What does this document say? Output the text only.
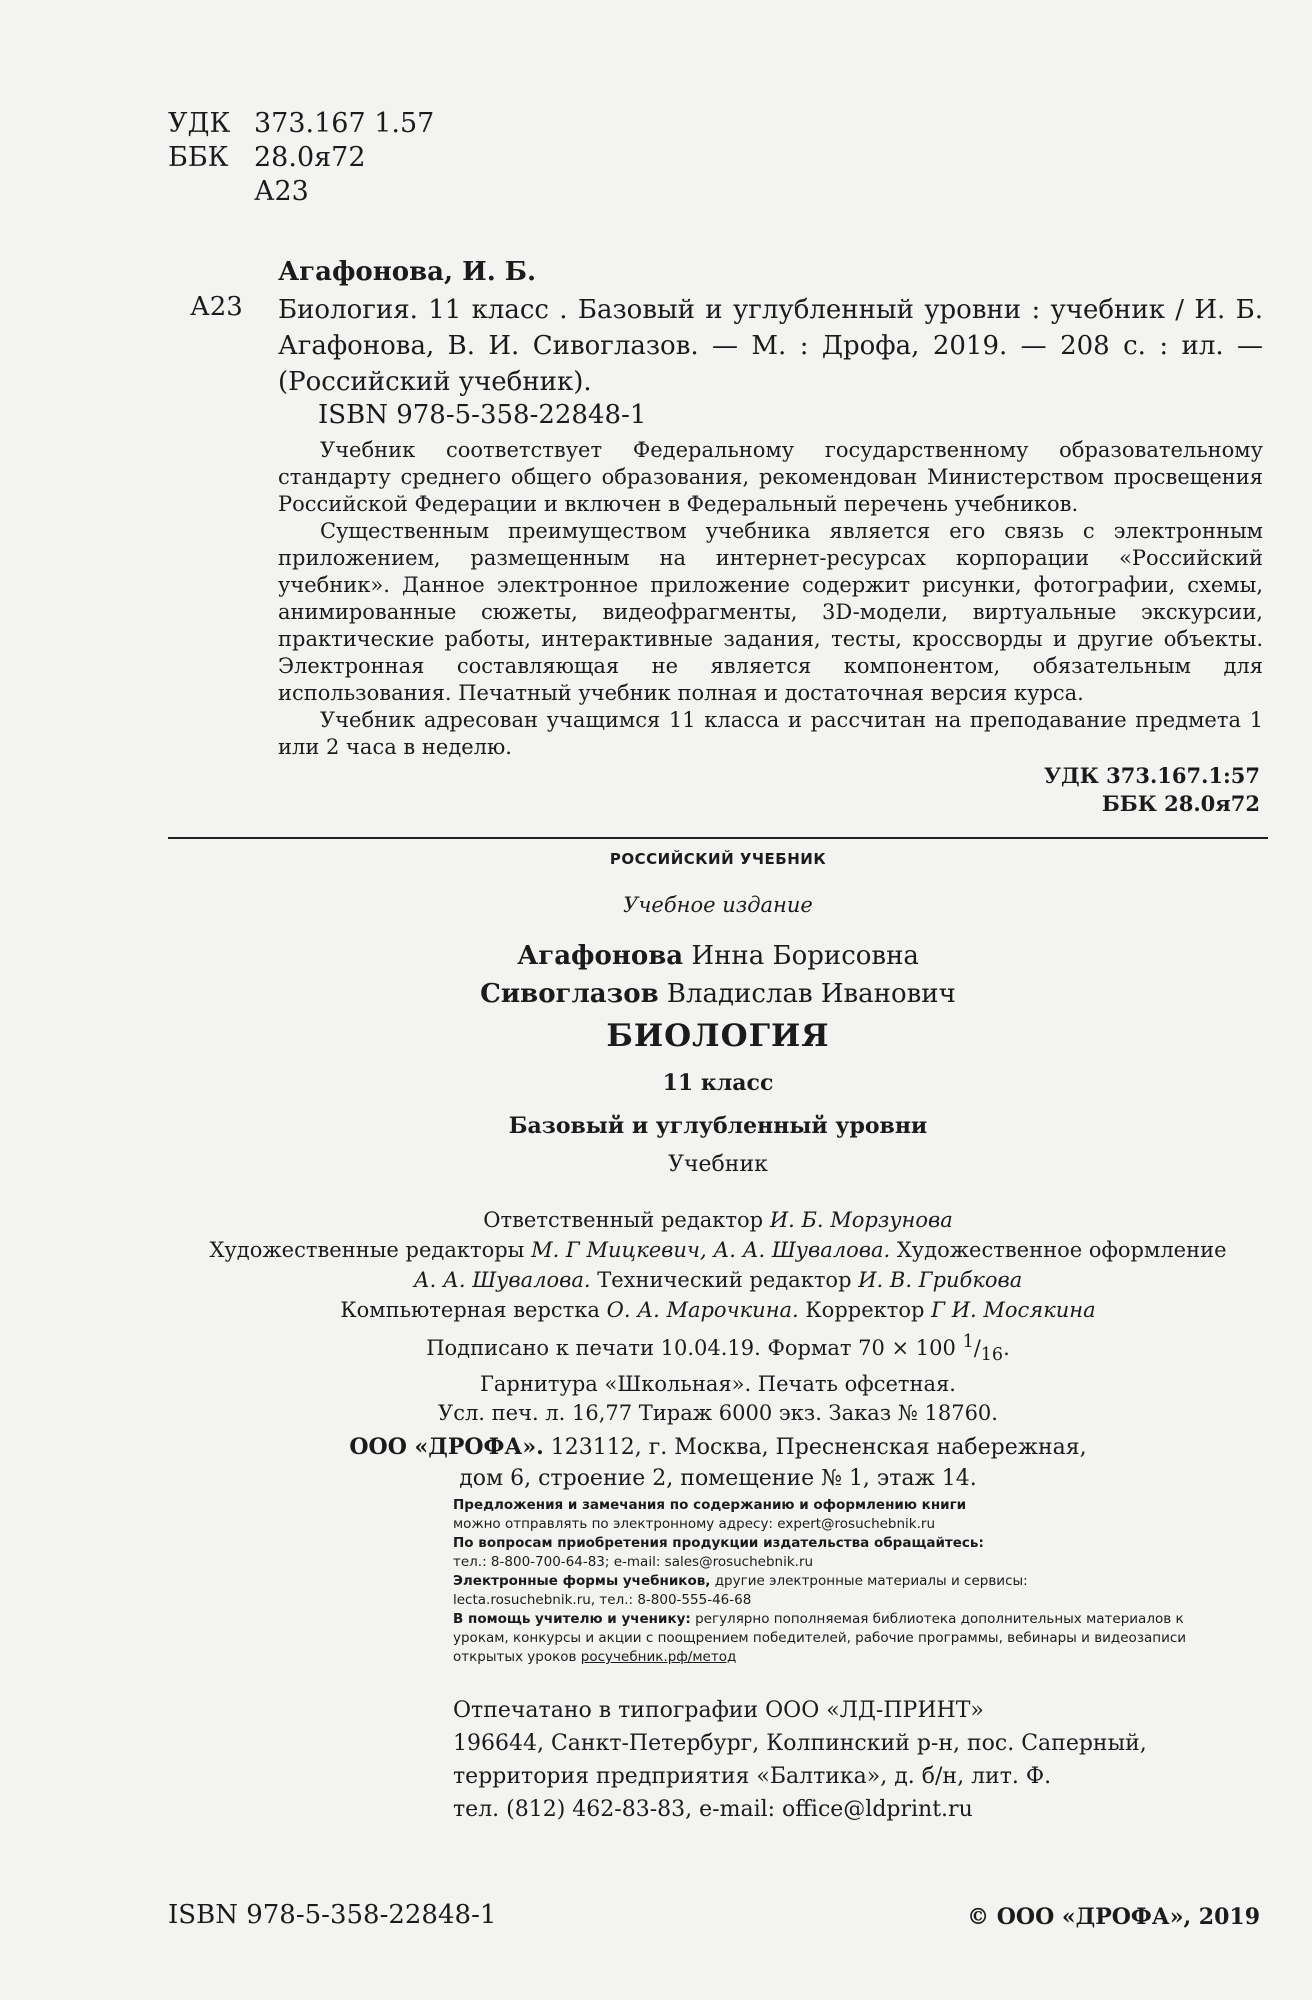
УДК 373.167 1.57
ББК 28.0я72
А23
Агафонова, И. Б.
А23 Биология. 11 класс . Базовый и углубленный уровни : учебник / И. Б. Агафонова, В. И. Сивоглазов. — М. : Дрофа, 2019. — 208 с. : ил. — (Российский учебник).
ISBN 978-5-358-22848-1

Учебник соответствует Федеральному государственному образовательному стандарту среднего общего образования, рекомендован Министерством просвещения Российской Федерации и включен в Федеральный перечень учебников.

Существенным преимуществом учебника является его связь с электронным приложением, размещенным на интернет-ресурсах корпорации «Российский учебник». Данное электронное приложение содержит рисунки, фотографии, схемы, анимированные сюжеты, видеофрагменты, 3D-модели, виртуальные экскурсии, практические работы, интерактивные задания, тесты, кроссворды и другие объекты. Электронная составляющая не является компонентом, обязательным для использования. Печатный учебник полная и достаточная версия курса.

Учебник адресован учащимся 11 класса и рассчитан на преподавание предмета 1 или 2 часа в неделю.

УДК 373.167.1:57
ББК 28.0я72
РОССИЙСКИЙ УЧЕБНИК
Учебное издание
Агафонова Инна Борисовна
Сивоглазов Владислав Иванович
БИОЛОГИЯ
11 класс
Базовый и углубленный уровни
Учебник
Ответственный редактор И. Б. Морзунова
Художественные редакторы М. Г Мицкевич, А. А. Шувалова. Художественное оформление
А. А. Шувалова. Технический редактор И. В. Грибкова
Компьютерная верстка О. А. Марочкина. Корректор Г И. Мосякина
Подписано к печати 10.04.19. Формат 70 × 100 $^1/_{16}$.
Гарнитура «Школьная». Печать офсетная.
Усл. печ. л. 16,77 Тираж 6000 экз. Заказ № 18760.
ООО «ДРОФА». 123112, г. Москва, Пресненская набережная,
дом 6, строение 2, помещение № 1, этаж 14.

Предложения и замечания по содержанию и оформлению книги

можно отправлять по электронному адресу: expert@rosuchebnik.ru

По вопросам приобретения продукции издательства обращайтесь:

тел.: 8-800-700-64-83; e-mail: sales@rosuchebnik.ru

Электронные формы учебников, другие электронные материалы и сервисы:

lecta.rosuchebnik.ru, тел.: 8-800-555-46-68

В помощь учителю и ученику: регулярно пополняемая библиотека дополнительных материалов к урокам, конкурсы и акции с поощрением победителей, рабочие программы, вебинары и видеозаписи открытых уроков росучебник.рф/метод

Отпечатано в типографии ООО «ЛД-ПРИНТ»
196644, Санкт-Петербург, Колпинский р-н, пос. Саперный,
территория предприятия «Балтика», д. б/н, лит. Ф.
тел. (812) 462-83-83, e-mail: office@ldprint.ru
ISBN 978-5-358-22848-1	© ООО «ДРОФА», 2019
